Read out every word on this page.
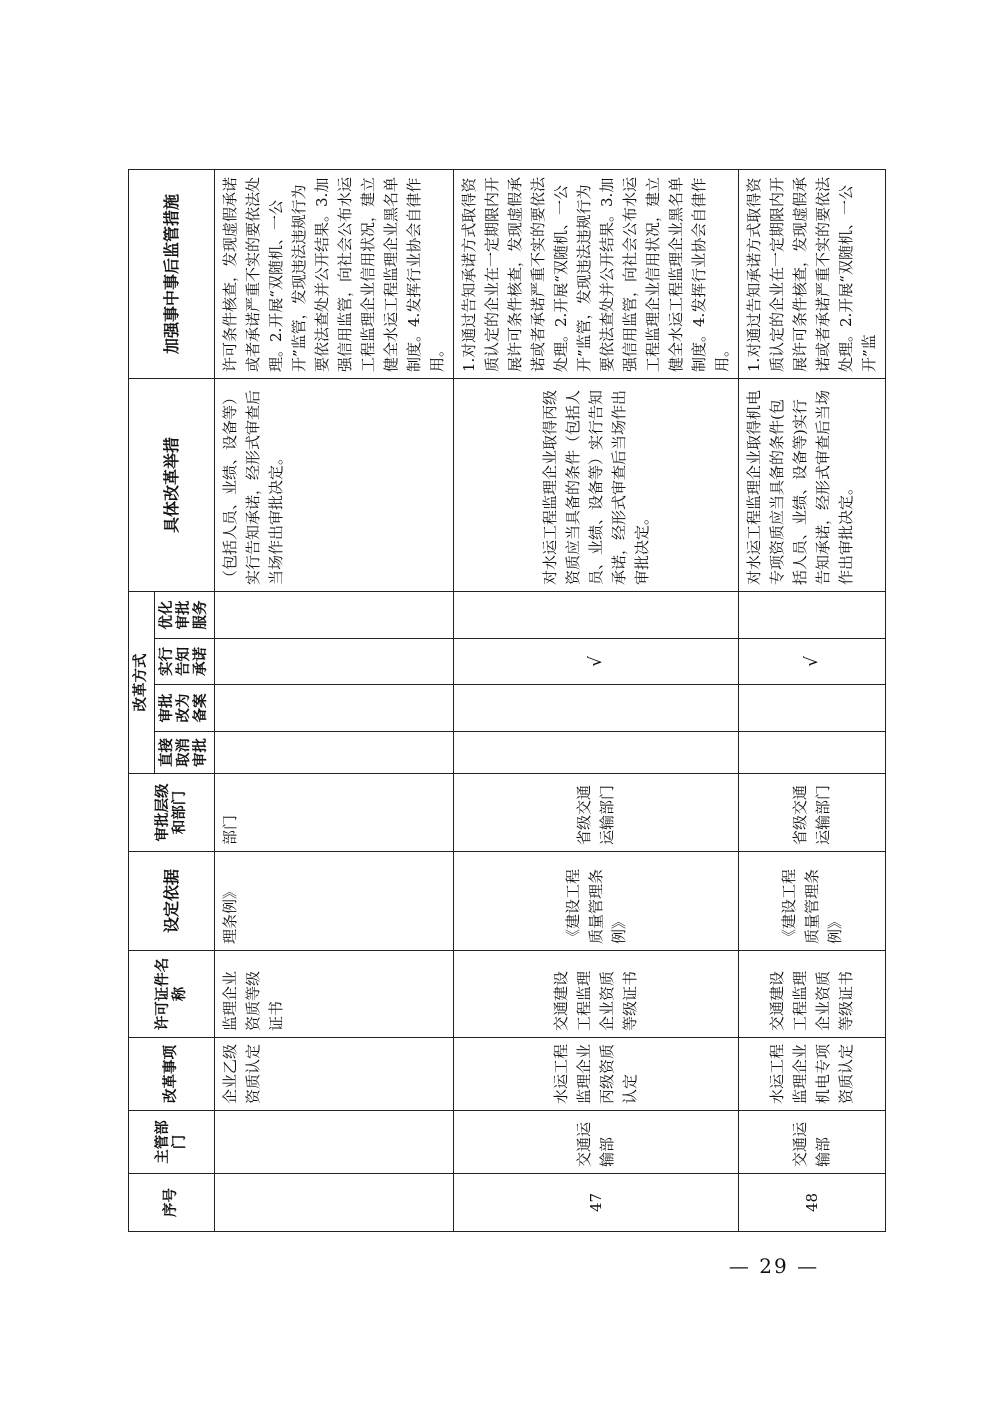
序号	主管部门	改革事项	许可证件名称	设定依据	审批层级和部门	改革方式				具体改革举措	加强事中事后监管措施
						直接取消审批	审批改为备案	实行告知承诺	优化审批服务		
		企业乙级资质认定	监理企业资质等级证书	理条例》	部门					（包括人员、业绩、设备等）实行告知承诺，经形式审查后当场作出审批决定。	许可条件核查，发现虚假承诺或者承诺严重不实的要依法处理。2.开展“双随机、一公开”监管，发现违法违规行为要依法查处并公开结果。3.加强信用监管，向社会公布水运工程监理企业信用状况，建立健全水运工程监理企业黑名单制度。4.发挥行业协会自律作用。
47	交通运输部	水运工程监理企业丙级资质认定	交通建设工程监理企业资质等级证书	《建设工程质量管理条例》	省级交通运输部门			√		对水运工程监理企业取得丙级资质应当具备的条件（包括人员、业绩、设备等）实行告知承诺，经形式审查后当场作出审批决定。	1.对通过告知承诺方式取得资质认定的企业在一定期限内开展许可条件核查，发现虚假承诺或者承诺严重不实的要依法处理。2.开展“双随机、一公开”监管，发现违法违规行为要依法查处并公开结果。3.加强信用监管，向社会公布水运工程监理企业信用状况，建立健全水运工程监理企业黑名单制度。4.发挥行业协会自律作用。
48	交通运输部	水运工程监理企业机电专项资质认定	交通建设工程监理企业资质等级证书	《建设工程质量管理条例》	省级交通运输部门			√		对水运工程监理企业取得机电专项资质应当具备的条件(包括人员、业绩、设备等)实行告知承诺，经形式审查后当场作出审批决定。	1.对通过告知承诺方式取得资质认定的企业在一定期限内开展许可条件核查，发现虚假承诺或者承诺严重不实的要依法处理。2.开展“双随机、一公开”监
— 29 —
